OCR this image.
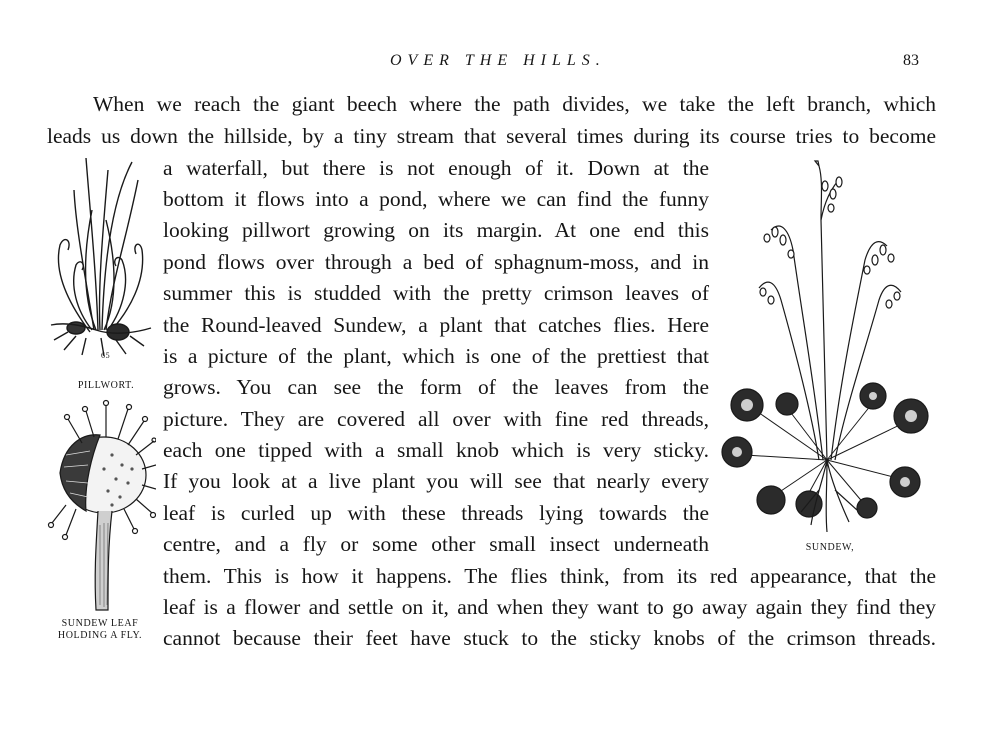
OVER THE HILLS.	83
When we reach the giant beech where the path divides, we take the left branch, which
leads us down the hillside, by a tiny stream that several times during its course tries to become
a waterfall, but there is not enough of it. Down at the
bottom it flows into a pond, where we can find the funny
looking pillwort growing on its margin. At one end this
pond flows over through a bed of sphagnum-moss, and in
summer this is studded with the pretty crimson leaves of
the Round-leaved Sundew, a plant that catches flies. Here
is a picture of the plant, which is one of the prettiest that
grows. You can see the form of the leaves from the
picture. They are covered all over with fine red threads,
each one tipped with a small knob which is very sticky.
If you look at a live plant you will see that nearly every
leaf is curled up with these threads lying towards the
centre, and a fly or some other small insect underneath
them. This is how it happens. The flies think, from its red appearance, that the
leaf is a flower and settle on it, and when they want to go away again they find they
cannot because their feet have stuck to the sticky knobs of the crimson threads.
65
PILLWORT.
SUNDEW LEAF
HOLDING A FLY.
SUNDEW,
